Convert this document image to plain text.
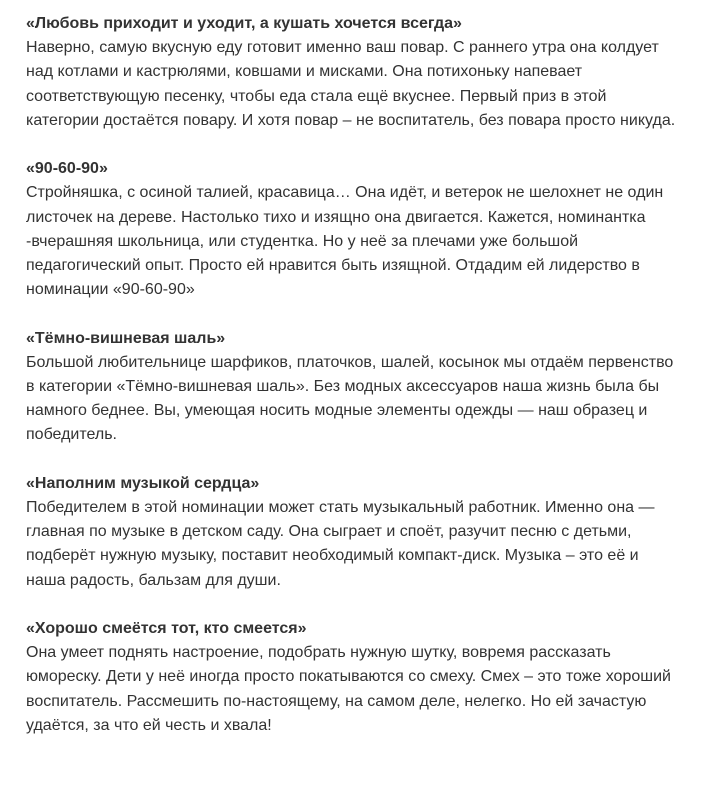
«Любовь приходит и уходит, а кушать хочется всегда»

Наверно, самую вкусную еду готовит именно ваш повар. С раннего утра она колдует над котлами и кастрюлями, ковшами и мисками. Она потихоньку напевает соответствующую песенку, чтобы еда стала ещё вкуснее. Первый приз в этой категории достаётся повару. И хотя повар – не воспитатель, без повара просто никуда.

«90-60-90»

Стройняшка, с осиной талией, красавица… Она идёт, и ветерок не шелохнет не один листочек на дереве. Настолько тихо и изящно она двигается. Кажется, номинантка -вчерашняя школьница, или студентка. Но у неё за плечами уже большой педагогический опыт. Просто ей нравится быть изящной. Отдадим ей лидерство в номинации «90-60-90»

«Тёмно-вишневая шаль»

Большой любительнице шарфиков, платочков, шалей, косынок мы отдаём первенство в категории «Тёмно-вишневая шаль». Без модных аксессуаров наша жизнь была бы намного беднее. Вы, умеющая носить модные элементы одежды — наш образец и победитель.

«Наполним музыкой сердца»

Победителем в этой номинации может стать музыкальный работник. Именно она — главная по музыке в детском саду. Она сыграет и споёт, разучит песню с детьми, подберёт нужную музыку, поставит необходимый компакт-диск. Музыка – это её и наша радость, бальзам для души.

«Хорошо смеётся тот, кто смеется»

Она умеет поднять настроение, подобрать нужную шутку, вовремя рассказать юмореску. Дети у неё иногда просто покатываются со смеху. Смех – это тоже хороший воспитатель. Рассмешить по-настоящему, на самом деле, нелегко. Но ей зачастую удаётся, за что ей честь и хвала!
